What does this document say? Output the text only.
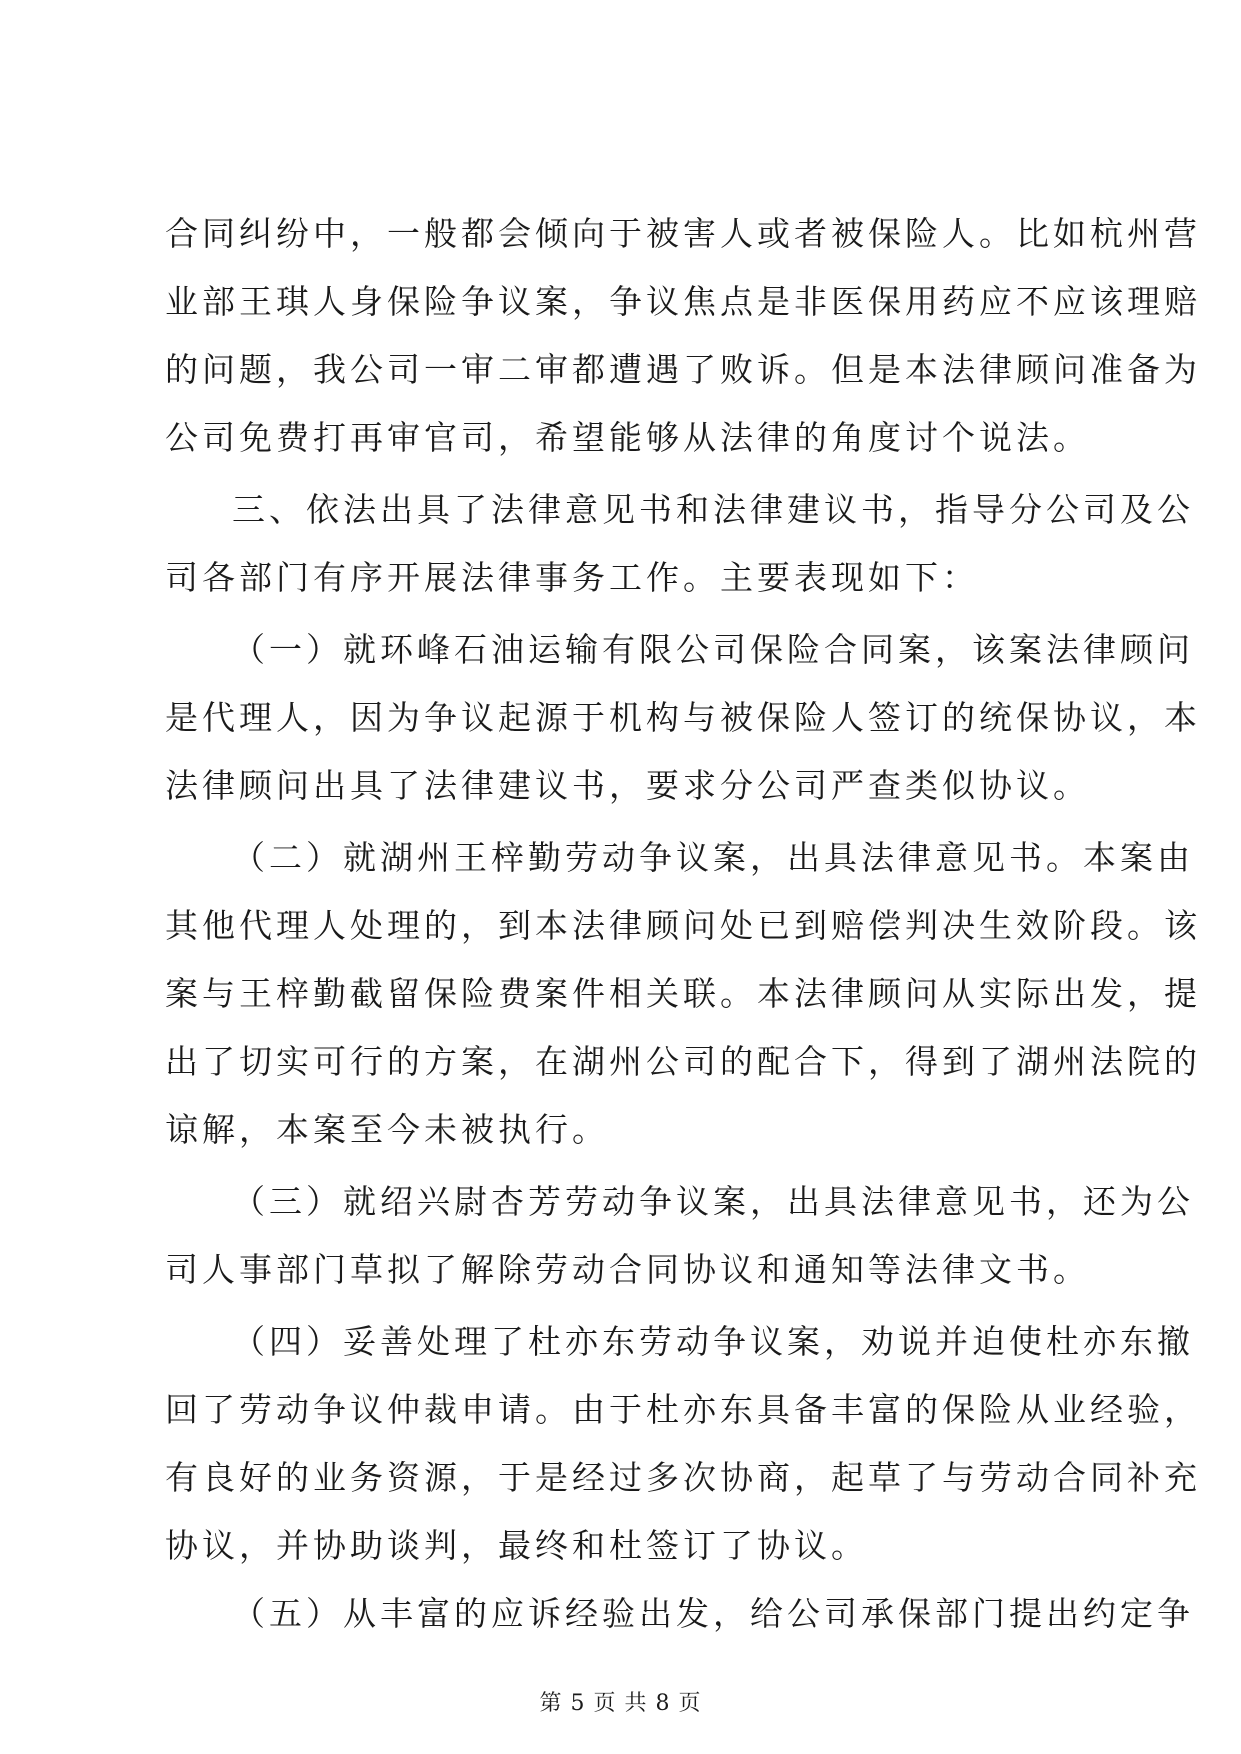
合同纠纷中，一般都会倾向于被害人或者被保险人。比如杭州营
业部王琪人身保险争议案，争议焦点是非医保用药应不应该理赔
的问题，我公司一审二审都遭遇了败诉。但是本法律顾问准备为
公司免费打再审官司，希望能够从法律的角度讨个说法。
三、依法出具了法律意见书和法律建议书，指导分公司及公
司各部门有序开展法律事务工作。主要表现如下：
（一）就环峰石油运输有限公司保险合同案，该案法律顾问
是代理人，因为争议起源于机构与被保险人签订的统保协议，本
法律顾问出具了法律建议书，要求分公司严查类似协议。
（二）就湖州王梓勤劳动争议案，出具法律意见书。本案由
其他代理人处理的，到本法律顾问处已到赔偿判决生效阶段。该
案与王梓勤截留保险费案件相关联。本法律顾问从实际出发，提
出了切实可行的方案，在湖州公司的配合下，得到了湖州法院的
谅解，本案至今未被执行。
（三）就绍兴尉杏芳劳动争议案，出具法律意见书，还为公
司人事部门草拟了解除劳动合同协议和通知等法律文书。
（四）妥善处理了杜亦东劳动争议案，劝说并迫使杜亦东撤
回了劳动争议仲裁申请。由于杜亦东具备丰富的保险从业经验，
有良好的业务资源，于是经过多次协商，起草了与劳动合同补充
协议，并协助谈判，最终和杜签订了协议。
（五）从丰富的应诉经验出发，给公司承保部门提出约定争
第 5 页 共 8 页
